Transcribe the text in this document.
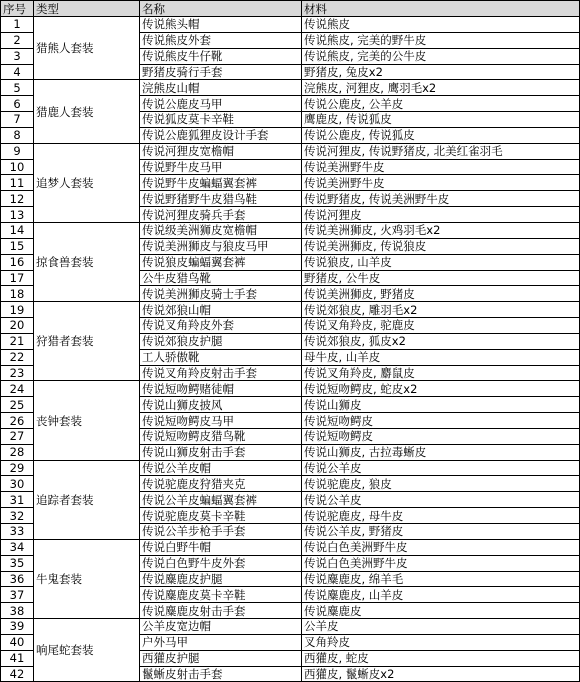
序号	类型	名称	材料
1	猎熊人套装	传说熊头帽	传说熊皮
2		传说熊皮外套	传说熊皮, 完美的野牛皮
3		传说熊皮牛仔靴	传说熊皮, 完美的公牛皮
4		野猪皮骑行手套	野猪皮, 兔皮x2
5	猎鹿人套装	浣熊皮山帽	浣熊皮, 河狸皮, 鹰羽毛x2
6		传说公鹿皮马甲	传说公鹿皮, 公羊皮
7		传说狐皮莫卡辛鞋	鹰鹿皮, 传说狐皮
8		传说公鹿狐狸皮设计手套	传说公鹿皮, 传说狐皮
9	追梦人套装	传说河狸皮宽檐帽	传说河狸皮, 传说野猪皮, 北美红雀羽毛
10		传说野牛皮马甲	传说美洲野牛皮
11		传说野牛皮蝙蝠翼套裤	传说美洲野牛皮
12		传说野猪野牛皮猎鸟鞋	传说野猪皮, 传说美洲野牛皮
13		传说河狸皮骑兵手套	传说河狸皮
14	掠食兽套装	传说级美洲狮皮宽檐帽	传说美洲狮皮, 火鸡羽毛x2
15		传说美洲狮皮与狼皮马甲	传说美洲狮皮, 传说狼皮
16		传说狼皮蝙蝠翼套裤	传说狼皮, 山羊皮
17		公牛皮猎鸟靴	野猪皮, 公牛皮
18		传说美洲狮皮骑士手套	传说美洲狮皮, 野猪皮
19	狩猎者套装	传说郊狼山帽	传说郊狼皮, 雕羽毛x2
20		传说叉角羚皮外套	传说叉角羚皮, 驼鹿皮
21		传说郊狼皮护腿	传说郊狼皮, 狐皮x2
22		工人骄傲靴	母牛皮, 山羊皮
23		传说叉角羚皮射击手套	传说叉角羚皮, 麝鼠皮
24	丧钟套装	传说短吻鳄赌徒帽	传说短吻鳄皮, 蛇皮x2
25		传说山狮皮披风	传说山狮皮
26		传说短吻鳄皮马甲	传说短吻鳄皮
27		传说短吻鳄皮猎鸟靴	传说短吻鳄皮
28		传说山狮皮射击手套	传说山狮皮, 古拉毒蜥皮
29	追踪者套装	传说公羊皮帽	传说公羊皮
30		传说驼鹿皮狩猎夹克	传说驼鹿皮, 狼皮
31		传说公羊皮蝙蝠翼套裤	传说公羊皮
32		传说驼鹿皮莫卡辛鞋	传说驼鹿皮, 母牛皮
33		传说公羊步枪手手套	传说公羊皮, 野猪皮
34	牛鬼套装	传说白野牛帽	传说白色美洲野牛皮
35		传说白色野牛皮外套	传说白色美洲野牛皮
36		传说麋鹿皮护腿	传说麋鹿皮, 绵羊毛
37		传说麋鹿皮莫卡辛鞋	传说麋鹿皮, 山羊皮
38		传说麋鹿皮射击手套	传说麋鹿皮
39	响尾蛇套装	公羊皮宽边帽	公羊皮
40		户外马甲	叉角羚皮
41		西獾皮护腿	西獾皮, 蛇皮
42		鬣蜥皮射击手套	西獾皮, 鬣蜥皮x2
